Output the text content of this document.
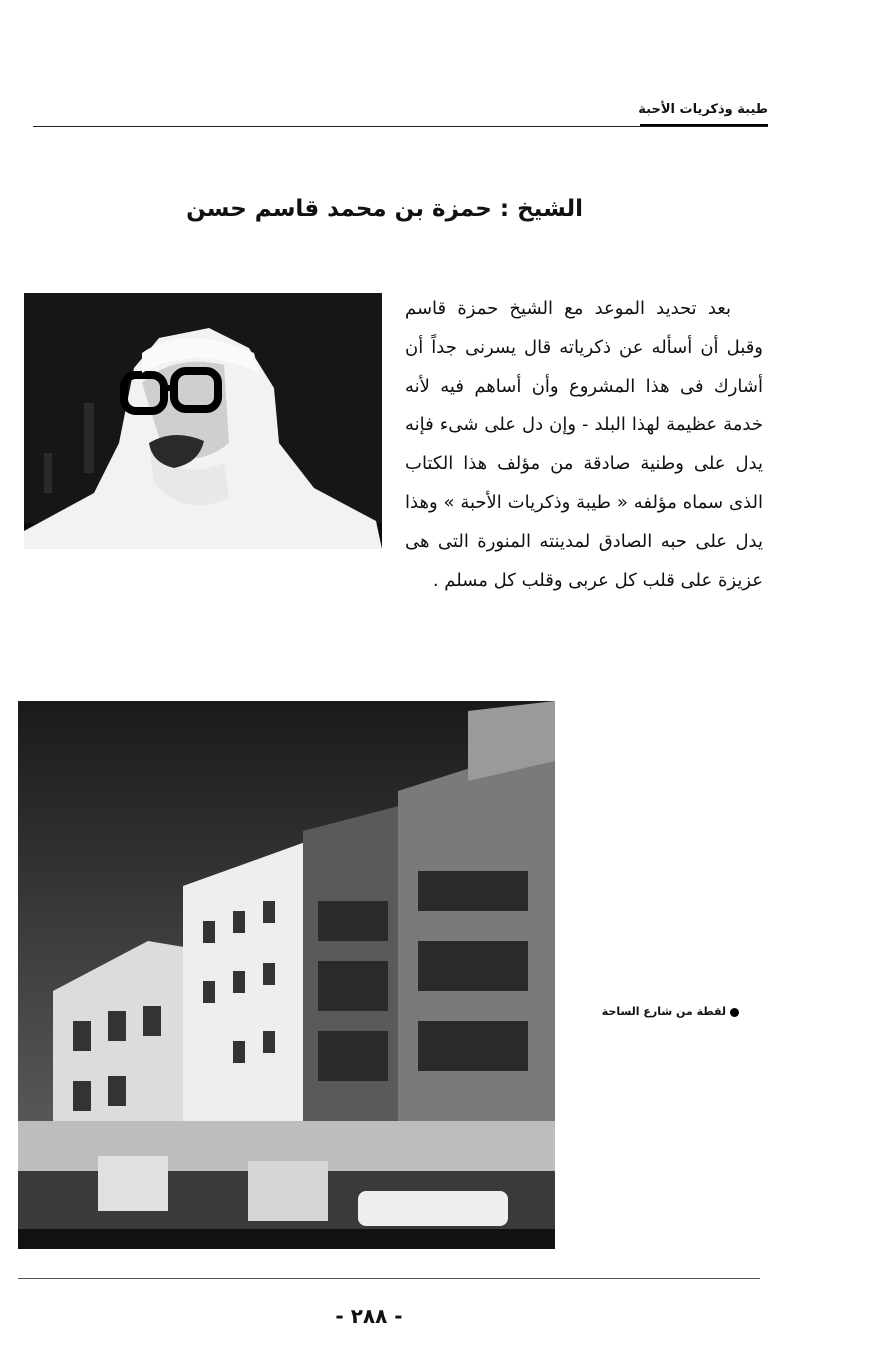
طيبة وذكريات الأحبة
الشيخ : حمزة بن محمد قاسم حسن

بعد تحديد الموعد مع الشيخ حمزة قاسم وقبل أن أسأله عن ذكرياته قال يسرنى جداً أن أشارك فى هذا المشروع وأن أساهم فيه لأنه خدمة عظيمة لهذا البلد - وإن دل على شىء فإنه يدل على وطنية صادقة من مؤلف هذا الكتاب الذى سماه مؤلفه « طيبة وذكريات الأحبة » وهذا يدل على حبه الصادق لمدينته المنورة التى هى عزيزة على قلب كل عربى وقلب كل مسلم .

لقطة من شارع الساحة
- ٢٨٨ -
